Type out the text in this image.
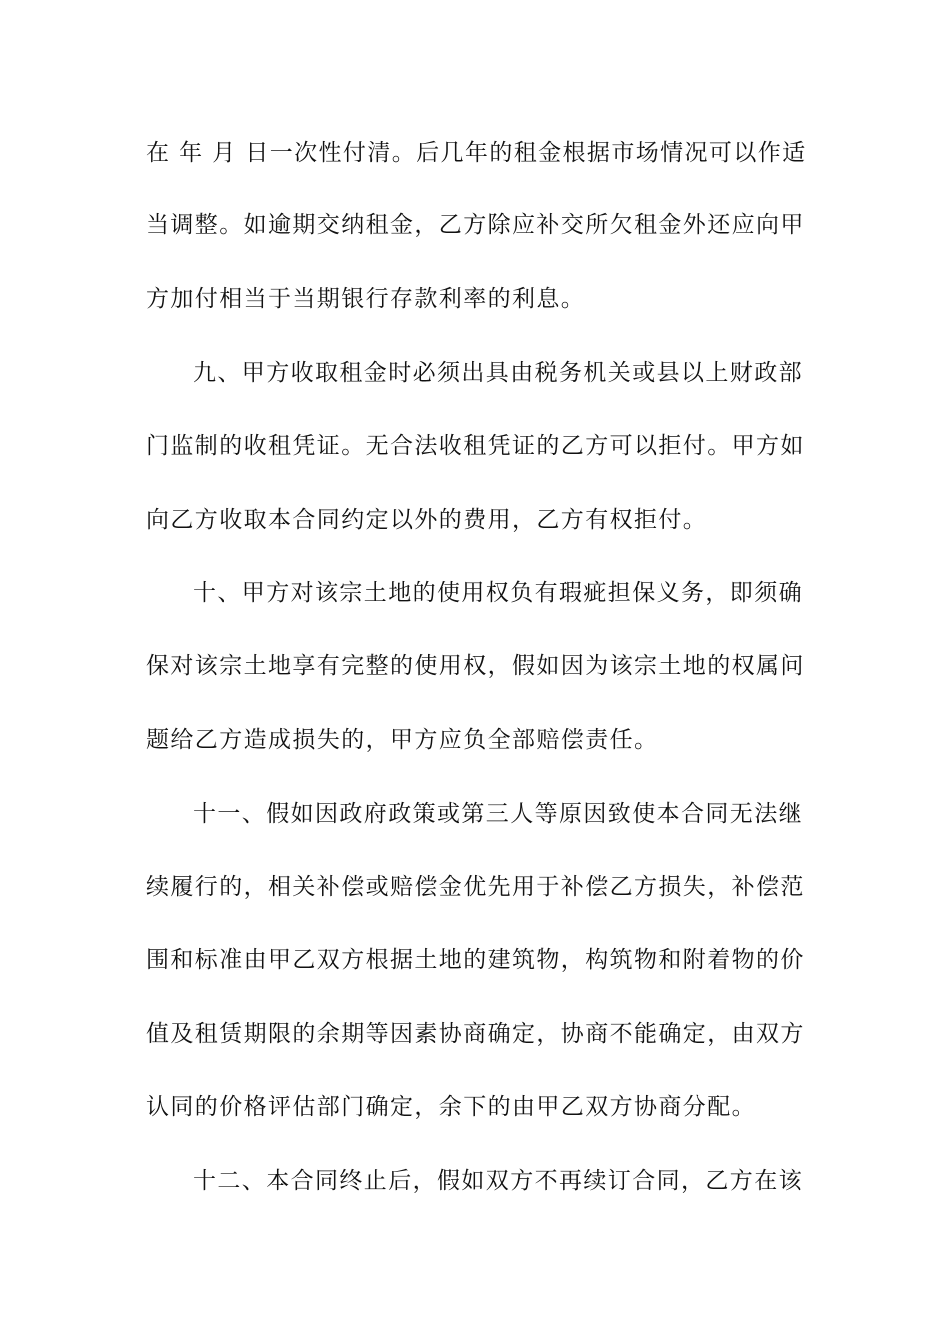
在 年 月 日一次性付清。后几年的租金根据市场情况可以作适
当调整。如逾期交纳租金，乙方除应补交所欠租金外还应向甲
方加付相当于当期银行存款利率的利息。
九、甲方收取租金时必须出具由税务机关或县以上财政部
门监制的收租凭证。无合法收租凭证的乙方可以拒付。甲方如
向乙方收取本合同约定以外的费用，乙方有权拒付。
十、甲方对该宗土地的使用权负有瑕疵担保义务，即须确
保对该宗土地享有完整的使用权，假如因为该宗土地的权属问
题给乙方造成损失的，甲方应负全部赔偿责任。
十一、假如因政府政策或第三人等原因致使本合同无法继
续履行的，相关补偿或赔偿金优先用于补偿乙方损失，补偿范
围和标准由甲乙双方根据土地的建筑物，构筑物和附着物的价
值及租赁期限的余期等因素协商确定，协商不能确定，由双方
认同的价格评估部门确定，余下的由甲乙双方协商分配。
十二、本合同终止后，假如双方不再续订合同，乙方在该
